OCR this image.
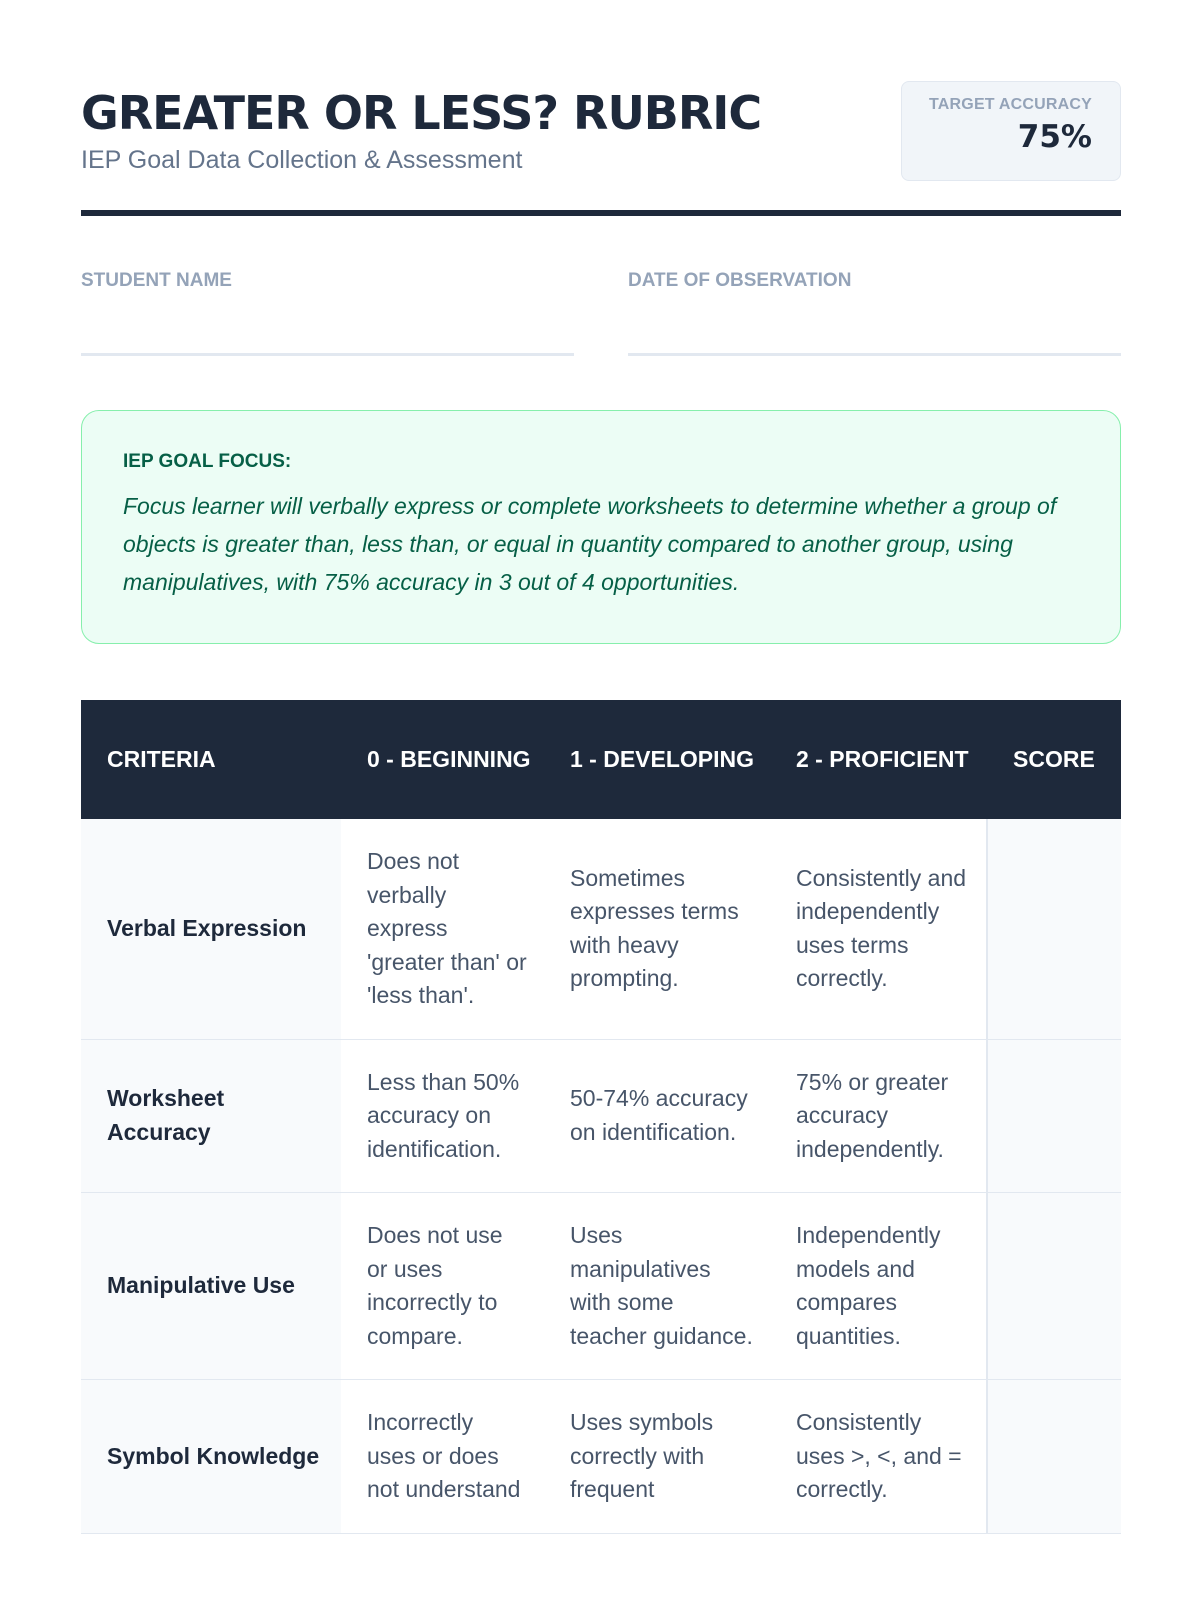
GREATER OR LESS? RUBRIC
IEP Goal Data Collection & Assessment
TARGET ACCURACY
75%
STUDENT NAME	DATE OF OBSERVATION
IEP GOAL FOCUS:
Focus learner will verbally express or complete worksheets to determine whether a group of objects is greater than, less than, or equal in quantity compared to another group, using manipulatives, with 75% accuracy in 3 out of 4 opportunities.
CRITERIA	0 - BEGINNING	1 - DEVELOPING	2 - PROFICIENT	SCORE
Verbal Expression	Does not verbally express 'greater than' or 'less than'.	Sometimes expresses terms with heavy prompting.	Consistently and independently uses terms correctly.	
Worksheet Accuracy	Less than 50% accuracy on identification.	50-74% accuracy on identification.	75% or greater accuracy independently.	
Manipulative Use	Does not use or uses incorrectly to compare.	Uses manipulatives with some teacher guidance.	Independently models and compares quantities.	
Symbol Knowledge	Incorrectly uses or does not understand	Uses symbols correctly with frequent	Consistently uses >, <, and = correctly.	
